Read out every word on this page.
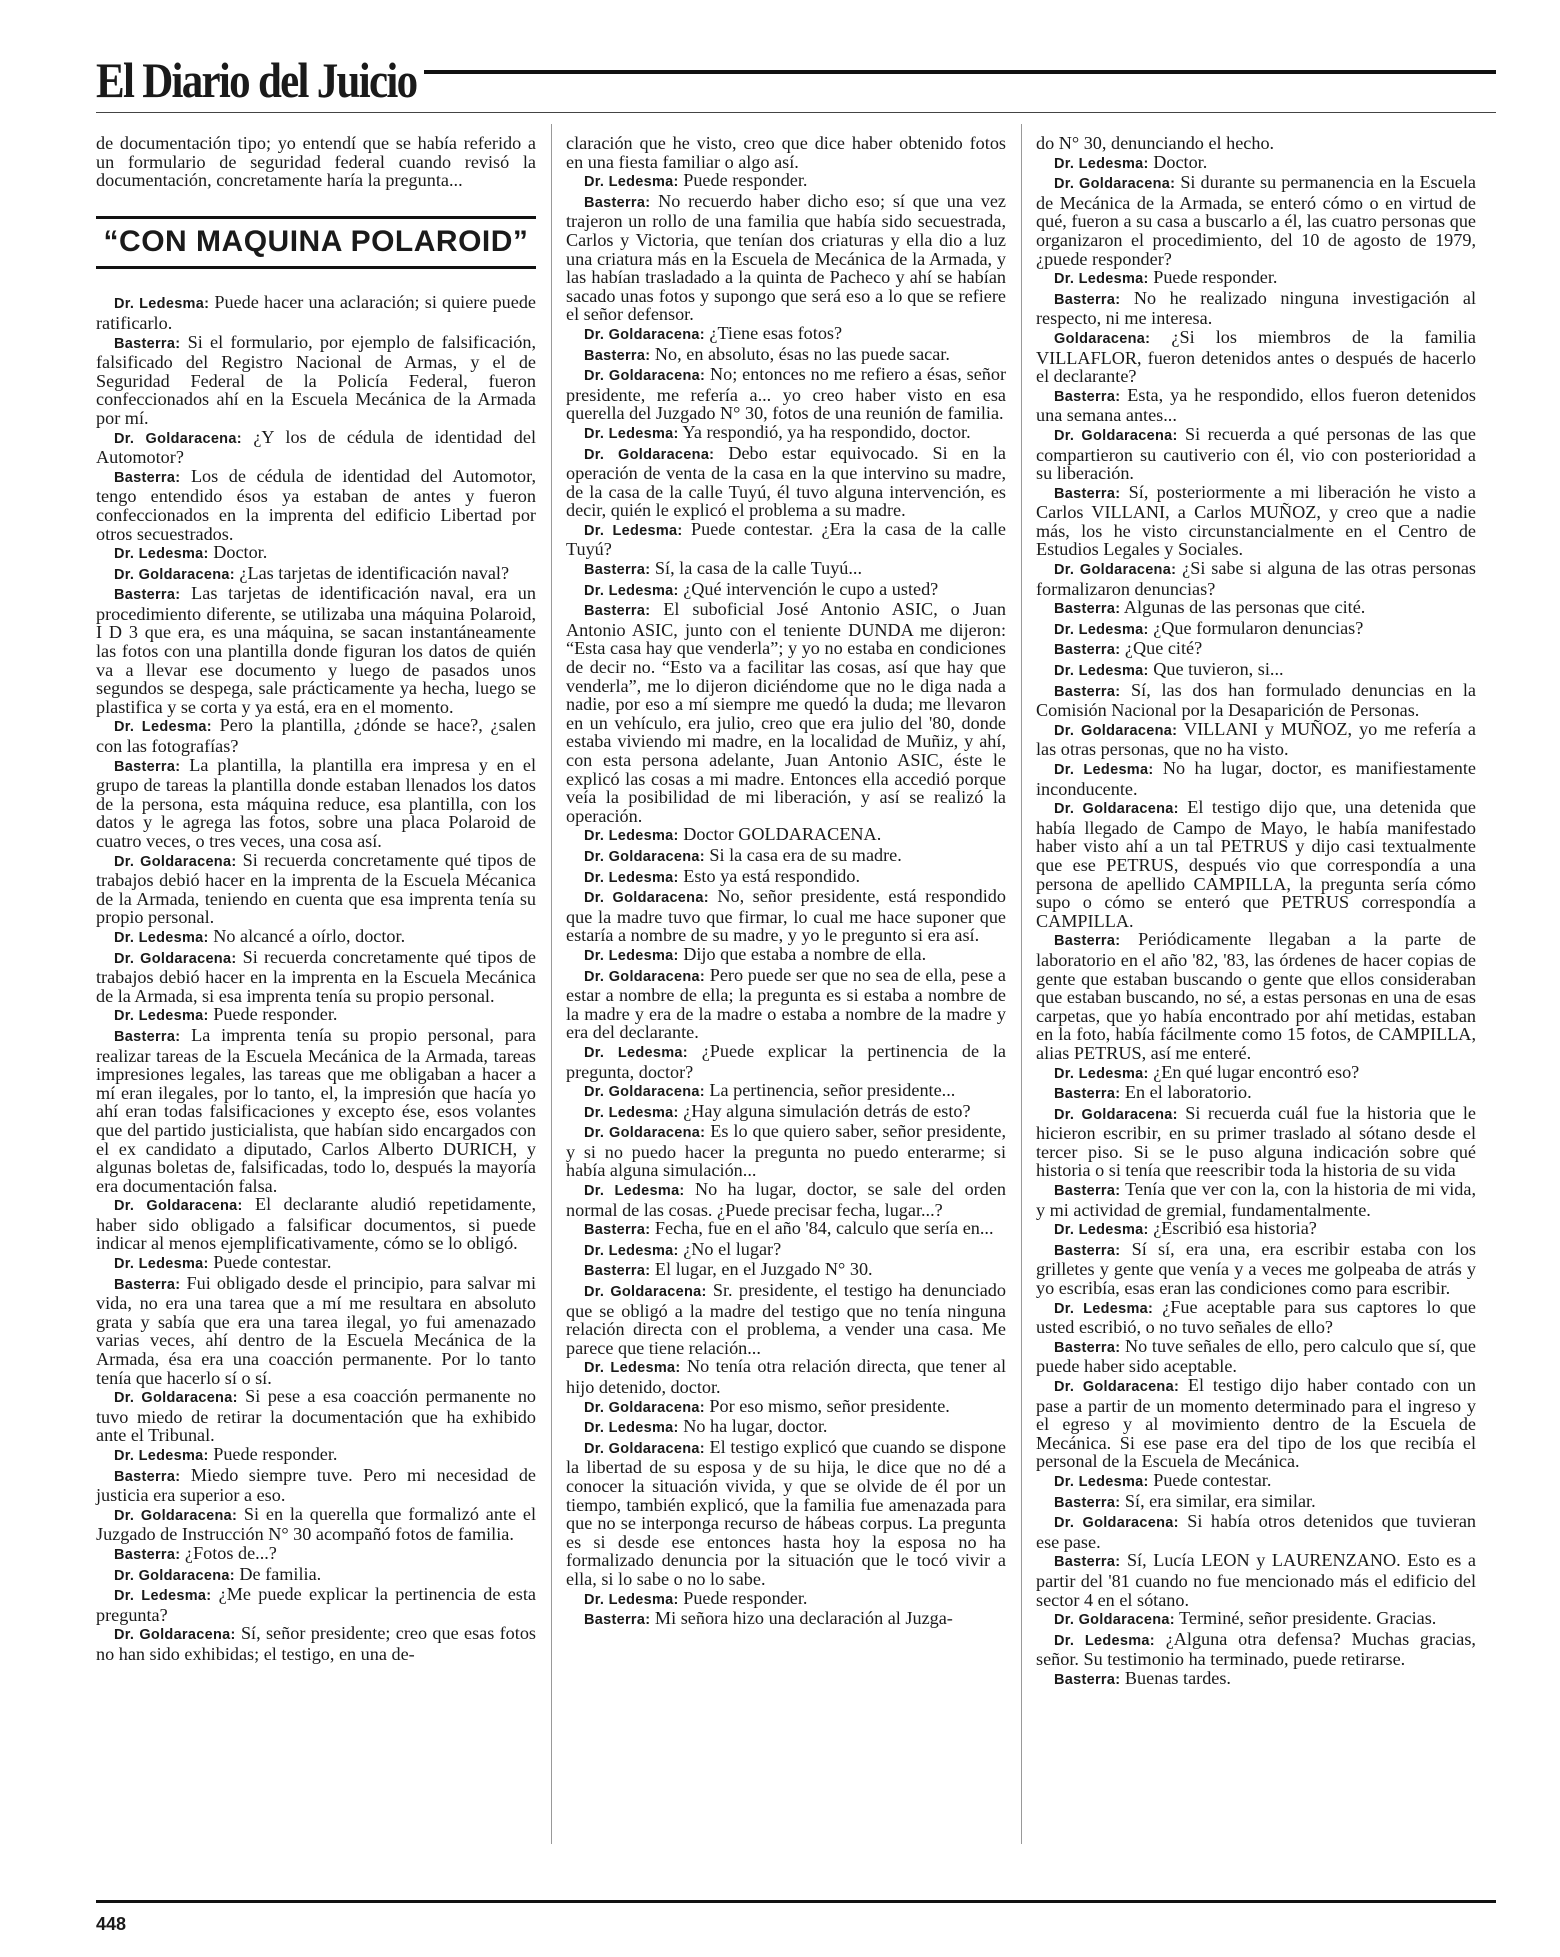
El Diario del Juicio

de documentación tipo; yo entendí que se había referido a un formulario de seguridad federal cuando revisó la documentación, concretamente haría la pregunta...

“CON MAQUINA POLAROID”

Dr. Ledesma: Puede hacer una aclaración; si quiere puede ratificarlo.

Basterra: Si el formulario, por ejemplo de falsificación, falsificado del Registro Nacional de Armas, y el de Seguridad Federal de la Policía Federal, fueron confeccionados ahí en la Escuela Mecánica de la Armada por mí.

Dr. Goldaracena: ¿Y los de cédula de identidad del Automotor?

Basterra: Los de cédula de identidad del Automotor, tengo entendido ésos ya estaban de antes y fueron confeccionados en la imprenta del edificio Libertad por otros secuestrados.

Dr. Ledesma: Doctor.

Dr. Goldaracena: ¿Las tarjetas de identificación naval?

Basterra: Las tarjetas de identificación naval, era un procedimiento diferente, se utilizaba una máquina Polaroid, I D 3 que era, es una máquina, se sacan instantáneamente las fotos con una plantilla donde figuran los datos de quién va a llevar ese documento y luego de pasados unos segundos se despega, sale prácticamente ya hecha, luego se plastifica y se corta y ya está, era en el momento.

Dr. Ledesma: Pero la plantilla, ¿dónde se hace?, ¿salen con las fotografías?

Basterra: La plantilla, la plantilla era impresa y en el grupo de tareas la plantilla donde estaban llenados los datos de la persona, esta máquina reduce, esa plantilla, con los datos y le agrega las fotos, sobre una placa Polaroid de cuatro veces, o tres veces, una cosa así.

Dr. Goldaracena: Si recuerda concretamente qué tipos de trabajos debió hacer en la imprenta de la Escuela Mécanica de la Armada, teniendo en cuenta que esa imprenta tenía su propio personal.

Dr. Ledesma: No alcancé a oírlo, doctor.

Dr. Goldaracena: Si recuerda concretamente qué tipos de trabajos debió hacer en la imprenta en la Escuela Mecánica de la Armada, si esa imprenta tenía su propio personal.

Dr. Ledesma: Puede responder.

Basterra: La imprenta tenía su propio personal, para realizar tareas de la Escuela Mecánica de la Armada, tareas impresiones legales, las tareas que me obligaban a hacer a mí eran ilegales, por lo tanto, el, la impresión que hacía yo ahí eran todas falsificaciones y excepto ése, esos volantes que del partido justicialista, que habían sido encargados con el ex candidato a diputado, Carlos Alberto DURICH, y algunas boletas de, falsificadas, todo lo, después la mayoría era documentación falsa.

Dr. Goldaracena: El declarante aludió repetidamente, haber sido obligado a falsificar documentos, si puede indicar al menos ejemplificativamente, cómo se lo obligó.

Dr. Ledesma: Puede contestar.

Basterra: Fui obligado desde el principio, para salvar mi vida, no era una tarea que a mí me resultara en absoluto grata y sabía que era una tarea ilegal, yo fui amenazado varias veces, ahí dentro de la Escuela Mecánica de la Armada, ésa era una coacción permanente. Por lo tanto tenía que hacerlo sí o sí.

Dr. Goldaracena: Si pese a esa coacción permanente no tuvo miedo de retirar la documentación que ha exhibido ante el Tribunal.

Dr. Ledesma: Puede responder.

Basterra: Miedo siempre tuve. Pero mi necesidad de justicia era superior a eso.

Dr. Goldaracena: Si en la querella que formalizó ante el Juzgado de Instrucción N° 30 acompañó fotos de familia.

Basterra: ¿Fotos de...?

Dr. Goldaracena: De familia.

Dr. Ledesma: ¿Me puede explicar la pertinencia de esta pregunta?

Dr. Goldaracena: Sí, señor presidente; creo que esas fotos no han sido exhibidas; el testigo, en una de-

claración que he visto, creo que dice haber obtenido fotos en una fiesta familiar o algo así.

Dr. Ledesma: Puede responder.

Basterra: No recuerdo haber dicho eso; sí que una vez trajeron un rollo de una familia que había sido secuestrada, Carlos y Victoria, que tenían dos criaturas y ella dio a luz una criatura más en la Escuela de Mecánica de la Armada, y las habían trasladado a la quinta de Pacheco y ahí se habían sacado unas fotos y supongo que será eso a lo que se refiere el señor defensor.

Dr. Goldaracena: ¿Tiene esas fotos?

Basterra: No, en absoluto, ésas no las puede sacar.

Dr. Goldaracena: No; entonces no me refiero a ésas, señor presidente, me refería a... yo creo haber visto en esa querella del Juzgado N° 30, fotos de una reunión de familia.

Dr. Ledesma: Ya respondió, ya ha respondido, doctor.

Dr. Goldaracena: Debo estar equivocado. Si en la operación de venta de la casa en la que intervino su madre, de la casa de la calle Tuyú, él tuvo alguna intervención, es decir, quién le explicó el problema a su madre.

Dr. Ledesma: Puede contestar. ¿Era la casa de la calle Tuyú?

Basterra: Sí, la casa de la calle Tuyú...

Dr. Ledesma: ¿Qué intervención le cupo a usted?

Basterra: El suboficial José Antonio ASIC, o Juan Antonio ASIC, junto con el teniente DUNDA me dijeron: “Esta casa hay que venderla”; y yo no estaba en condiciones de decir no. “Esto va a facilitar las cosas, así que hay que venderla”, me lo dijeron diciéndome que no le diga nada a nadie, por eso a mí siempre me quedó la duda; me llevaron en un vehículo, era julio, creo que era julio del '80, donde estaba viviendo mi madre, en la localidad de Muñiz, y ahí, con esta persona adelante, Juan Antonio ASIC, éste le explicó las cosas a mi madre. Entonces ella accedió porque veía la posibilidad de mi liberación, y así se realizó la operación.

Dr. Ledesma: Doctor GOLDARACENA.

Dr. Goldaracena: Si la casa era de su madre.

Dr. Ledesma: Esto ya está respondido.

Dr. Goldaracena: No, señor presidente, está respondido que la madre tuvo que firmar, lo cual me hace suponer que estaría a nombre de su madre, y yo le pregunto si era así.

Dr. Ledesma: Dijo que estaba a nombre de ella.

Dr. Goldaracena: Pero puede ser que no sea de ella, pese a estar a nombre de ella; la pregunta es si estaba a nombre de la madre y era de la madre o estaba a nombre de la madre y era del declarante.

Dr. Ledesma: ¿Puede explicar la pertinencia de la pregunta, doctor?

Dr. Goldaracena: La pertinencia, señor presidente...

Dr. Ledesma: ¿Hay alguna simulación detrás de esto?

Dr. Goldaracena: Es lo que quiero saber, señor presidente, y si no puedo hacer la pregunta no puedo enterarme; si había alguna simulación...

Dr. Ledesma: No ha lugar, doctor, se sale del orden normal de las cosas. ¿Puede precisar fecha, lugar...?

Basterra: Fecha, fue en el año '84, calculo que sería en...

Dr. Ledesma: ¿No el lugar?

Basterra: El lugar, en el Juzgado N° 30.

Dr. Goldaracena: Sr. presidente, el testigo ha denunciado que se obligó a la madre del testigo que no tenía ninguna relación directa con el problema, a vender una casa. Me parece que tiene relación...

Dr. Ledesma: No tenía otra relación directa, que tener al hijo detenido, doctor.

Dr. Goldaracena: Por eso mismo, señor presidente.

Dr. Ledesma: No ha lugar, doctor.

Dr. Goldaracena: El testigo explicó que cuando se dispone la libertad de su esposa y de su hija, le dice que no dé a conocer la situación vivida, y que se olvide de él por un tiempo, también explicó, que la familia fue amenazada para que no se interponga recurso de hábeas corpus. La pregunta es si desde ese entonces hasta hoy la esposa no ha formalizado denuncia por la situación que le tocó vivir a ella, si lo sabe o no lo sabe.

Dr. Ledesma: Puede responder.

Basterra: Mi señora hizo una declaración al Juzga-

do N° 30, denunciando el hecho.

Dr. Ledesma: Doctor.

Dr. Goldaracena: Si durante su permanencia en la Escuela de Mecánica de la Armada, se enteró cómo o en virtud de qué, fueron a su casa a buscarlo a él, las cuatro personas que organizaron el procedimiento, del 10 de agosto de 1979, ¿puede responder?

Dr. Ledesma: Puede responder.

Basterra: No he realizado ninguna investigación al respecto, ni me interesa.

Goldaracena: ¿Si los miembros de la familia VILLAFLOR, fueron detenidos antes o después de hacerlo el declarante?

Basterra: Esta, ya he respondido, ellos fueron detenidos una semana antes...

Dr. Goldaracena: Si recuerda a qué personas de las que compartieron su cautiverio con él, vio con posterioridad a su liberación.

Basterra: Sí, posteriormente a mi liberación he visto a Carlos VILLANI, a Carlos MUÑOZ, y creo que a nadie más, los he visto circunstancialmente en el Centro de Estudios Legales y Sociales.

Dr. Goldaracena: ¿Si sabe si alguna de las otras personas formalizaron denuncias?

Basterra: Algunas de las personas que cité.

Dr. Ledesma: ¿Que formularon denuncias?

Basterra: ¿Que cité?

Dr. Ledesma: Que tuvieron, si...

Basterra: Sí, las dos han formulado denuncias en la Comisión Nacional por la Desaparición de Personas.

Dr. Goldaracena: VILLANI y MUÑOZ, yo me refería a las otras personas, que no ha visto.

Dr. Ledesma: No ha lugar, doctor, es manifiestamente inconducente.

Dr. Goldaracena: El testigo dijo que, una detenida que había llegado de Campo de Mayo, le había manifestado haber visto ahí a un tal PETRUS y dijo casi textualmente que ese PETRUS, después vio que correspondía a una persona de apellido CAMPILLA, la pregunta sería cómo supo o cómo se enteró que PETRUS correspondía a CAMPILLA.

Basterra: Periódicamente llegaban a la parte de laboratorio en el año '82, '83, las órdenes de hacer copias de gente que estaban buscando o gente que ellos consideraban que estaban buscando, no sé, a estas personas en una de esas carpetas, que yo había encontrado por ahí metidas, estaban en la foto, había fácilmente como 15 fotos, de CAMPILLA, alias PETRUS, así me enteré.

Dr. Ledesma: ¿En qué lugar encontró eso?

Basterra: En el laboratorio.

Dr. Goldaracena: Si recuerda cuál fue la historia que le hicieron escribir, en su primer traslado al sótano desde el tercer piso. Si se le puso alguna indicación sobre qué historia o si tenía que reescribir toda la historia de su vida

Basterra: Tenía que ver con la, con la historia de mi vida, y mi actividad de gremial, fundamentalmente.

Dr. Ledesma: ¿Escribió esa historia?

Basterra: Sí sí, era una, era escribir estaba con los grilletes y gente que venía y a veces me golpeaba de atrás y yo escribía, esas eran las condiciones como para escribir.

Dr. Ledesma: ¿Fue aceptable para sus captores lo que usted escribió, o no tuvo señales de ello?

Basterra: No tuve señales de ello, pero calculo que sí, que puede haber sido aceptable.

Dr. Goldaracena: El testigo dijo haber contado con un pase a partir de un momento determinado para el ingreso y el egreso y al movimiento dentro de la Escuela de Mecánica. Si ese pase era del tipo de los que recibía el personal de la Escuela de Mecánica.

Dr. Ledesma: Puede contestar.

Basterra: Sí, era similar, era similar.

Dr. Goldaracena: Si había otros detenidos que tuvieran ese pase.

Basterra: Sí, Lucía LEON y LAURENZANO. Esto es a partir del '81 cuando no fue mencionado más el edificio del sector 4 en el sótano.

Dr. Goldaracena: Terminé, señor presidente. Gracias.

Dr. Ledesma: ¿Alguna otra defensa? Muchas gracias, señor. Su testimonio ha terminado, puede retirarse.

Basterra: Buenas tardes.

448
